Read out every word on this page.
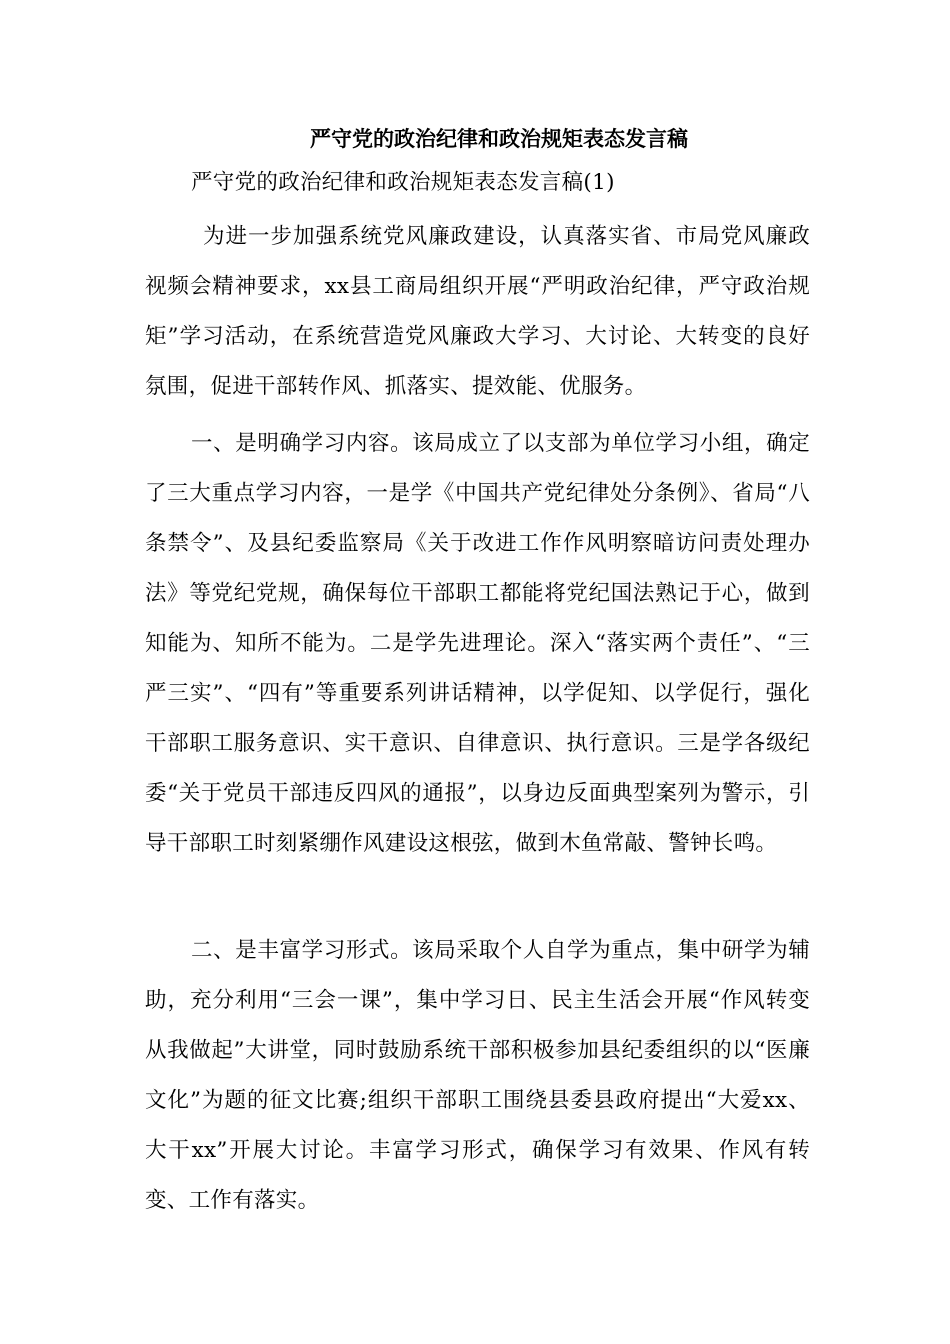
严守党的政治纪律和政治规矩表态发言稿
严守党的政治纪律和政治规矩表态发言稿(1)
为进一步加强系统党风廉政建设，认真落实省、市局党风廉政视频会精神要求，xx县工商局组织开展“严明政治纪律，严守政治规矩”学习活动，在系统营造党风廉政大学习、大讨论、大转变的良好氛围，促进干部转作风、抓落实、提效能、优服务。
一、是明确学习内容。该局成立了以支部为单位学习小组，确定了三大重点学习内容，一是学《中国共产党纪律处分条例》、省局“八条禁令”、及县纪委监察局《关于改进工作作风明察暗访问责处理办法》等党纪党规，确保每位干部职工都能将党纪国法熟记于心，做到知能为、知所不能为。二是学先进理论。深入“落实两个责任”、“三严三实”、“四有”等重要系列讲话精神，以学促知、以学促行，强化干部职工服务意识、实干意识、自律意识、执行意识。三是学各级纪委“关于党员干部违反四风的通报”，以身边反面典型案列为警示，引导干部职工时刻紧绷作风建设这根弦，做到木鱼常敲、警钟长鸣。
二、是丰富学习形式。该局采取个人自学为重点，集中研学为辅助，充分利用“三会一课”，集中学习日、民主生活会开展“作风转变从我做起”大讲堂，同时鼓励系统干部积极参加县纪委组织的以“医廉文化”为题的征文比赛;组织干部职工围绕县委县政府提出“大爱xx、大干xx”开展大讨论。丰富学习形式，确保学习有效果、作风有转变、工作有落实。
